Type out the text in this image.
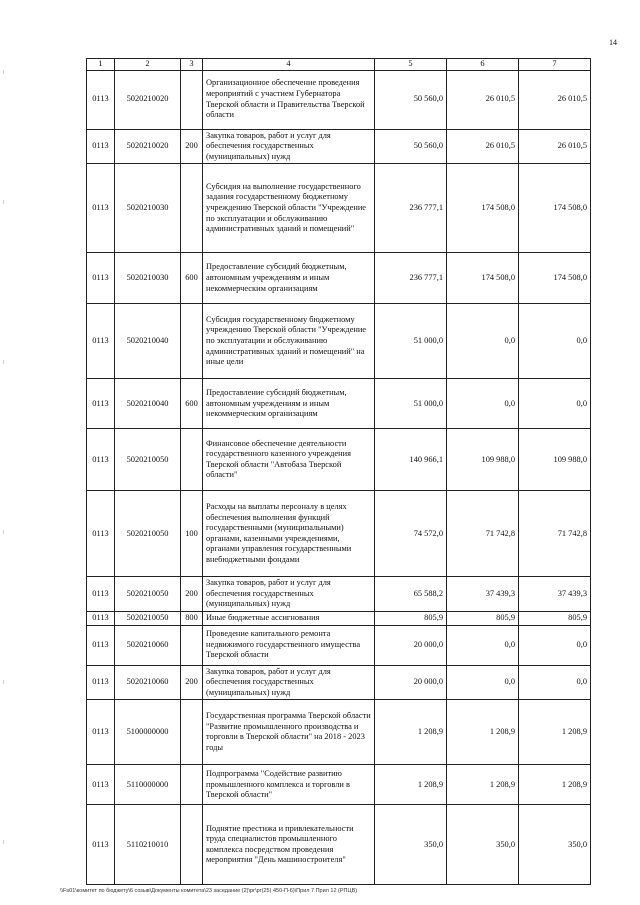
14
1	2	3	4	5	6	7
0113	5020210020		Организационное обеспечение проведения мероприятий с участием Губернатора Тверской области и Правительства Тверской области	50 560,0	26 010,5	26 010,5
0113	5020210020	200	Закупка товаров, работ и услуг для обеспечения государственных (муниципальных) нужд	50 560,0	26 010,5	26 010,5
0113	5020210030		Субсидия на выполнение государственного задания государственному бюджетному учреждению Тверской области "Учреждение по эксплуатации и обслуживанию административных зданий и помещений"	236 777,1	174 508,0	174 508,0
0113	5020210030	600	Предоставление субсидий бюджетным, автономным учреждениям и иным некоммерческим организациям	236 777,1	174 508,0	174 508,0
0113	5020210040		Субсидия государственному бюджетному учреждению Тверской области "Учреждение по эксплуатации и обслуживанию административных зданий и помещений" на иные цели	51 000,0	0,0	0,0
0113	5020210040	600	Предоставление субсидий бюджетным, автономным учреждениям и иным некоммерческим организациям	51 000,0	0,0	0,0
0113	5020210050		Финансовое обеспечение деятельности государственного казенного учреждения Тверской области "Автобаза Тверской области"	140 966,1	109 988,0	109 988,0
0113	5020210050	100	Расходы на выплаты персоналу в целях обеспечения выполнения функций государственными (муниципальными) органами, казенными учреждениями, органами управления государственными внебюджетными фондами	74 572,0	71 742,8	71 742,8
0113	5020210050	200	Закупка товаров, работ и услуг для обеспечения государственных (муниципальных) нужд	65 588,2	37 439,3	37 439,3
0113	5020210050	800	Иные бюджетные ассигнования	805,9	805,9	805,9
0113	5020210060		Проведение капитального ремонта недвижимого государственного имущества Тверской области	20 000,0	0,0	0,0
0113	5020210060	200	Закупка товаров, работ и услуг для обеспечения государственных (муниципальных) нужд	20 000,0	0,0	0,0
0113	5100000000		Государственная программа Тверской области "Развитие промышленного производства и торговли в Тверской области" на 2018 - 2023 годы	1 208,9	1 208,9	1 208,9
0113	5110000000		Подпрограмма "Содействие развитию промышленного комплекса и торговли в Тверской области"	1 208,9	1 208,9	1 208,9
0113	5110210010		Поднятие престижа и привлекательности труда специалистов промышленного комплекса посредством проведения мероприятия "День машиностроителя"	350,0	350,0	350,0
\\Fs01\комитет по бюджету\6 созыв\Документы комитета\23 заседание (2)\рг\рг(25) 450-П-6)\Прил 7 Прил 12 (РПЦВ)
